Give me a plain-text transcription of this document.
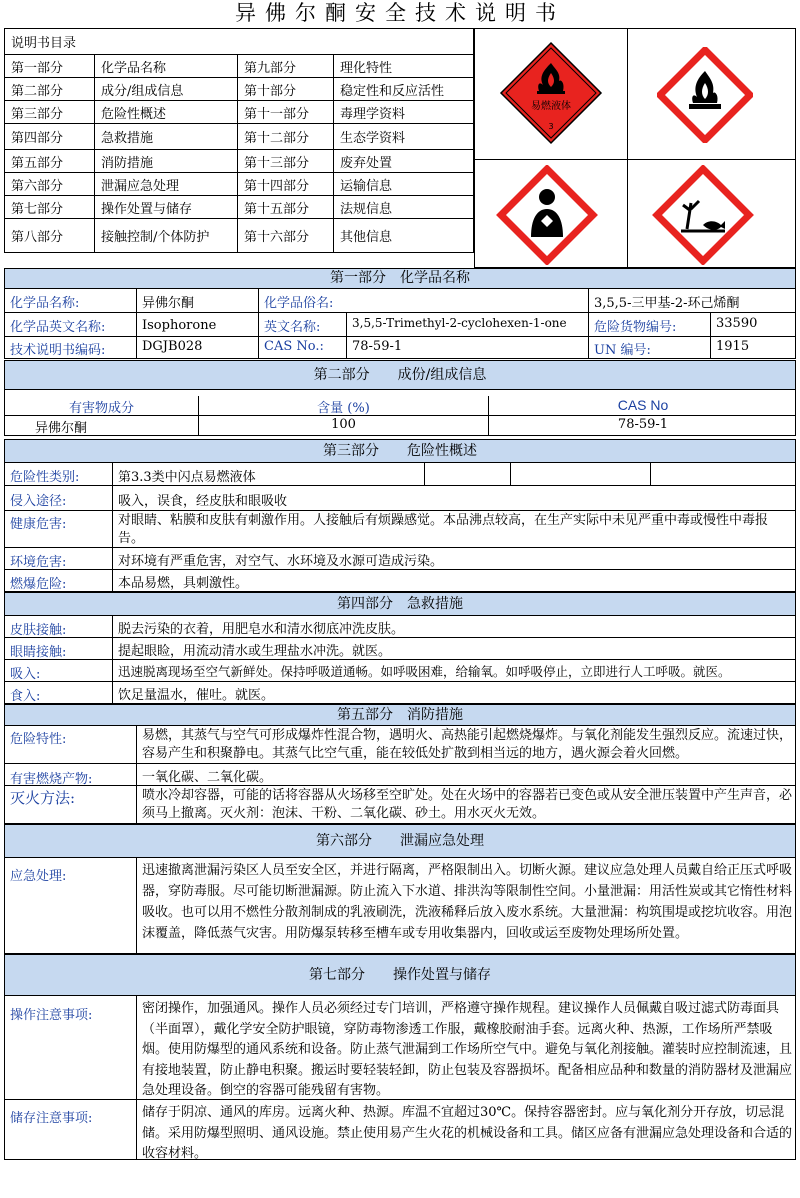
异佛尔酮安全技术说明书
说明书目录			
第一部分	化学品名称	第九部分	理化特性
第二部分	成分/组成信息	第十部分	稳定性和反应活性
第三部分	危险性概述	第十一部分	毒理学资料
第四部分	急救措施	第十二部分	生态学资料
第五部分	消防措施	第十三部分	废弃处置
第六部分	泄漏应急处理	第十四部分	运输信息
第七部分	操作处置与储存	第十五部分	法规信息
第八部分	接触控制/个体防护	第十六部分	其他信息
易燃液体
3
第一部分　化学品名称
化学品名称:	异佛尔酮	化学品俗名:	3,5,5-三甲基-2-环己烯酮
化学品英文名称:	Isophorone	英文名称:	3,5,5-Trimethyl-2-cyclohexen-1-one	危险货物编号:	33590
技术说明书编码:	DGJB028	CAS No.:	78-59-1	UN 编号:	1915
第二部分　　成份/组成信息
有害物成分	含量 (%)	CAS No
异佛尔酮	100	78-59-1
第三部分　　危险性概述
危险性类别:	第3.3类中闪点易燃液体
侵入途径:	吸入，误食，经皮肤和眼吸收
健康危害:	对眼睛、粘膜和皮肤有刺激作用。人接触后有烦躁感觉。本品沸点较高，在生产实际中未见严重中毒或慢性中毒报告。
环境危害:	对环境有严重危害，对空气、水环境及水源可造成污染。
燃爆危险:	本品易燃，具刺激性。
第四部分　急救措施
皮肤接触:	脱去污染的衣着，用肥皂水和清水彻底冲洗皮肤。
眼睛接触:	提起眼睑，用流动清水或生理盐水冲洗。就医。
吸入:	迅速脱离现场至空气新鲜处。保持呼吸道通畅。如呼吸困难，给输氧。如呼吸停止，立即进行人工呼吸。就医。
食入:	饮足量温水，催吐。就医。
第五部分　消防措施
危险特性:	易燃，其蒸气与空气可形成爆炸性混合物，遇明火、高热能引起燃烧爆炸。与氧化剂能发生强烈反应。流速过快，容易产生和积聚静电。其蒸气比空气重，能在较低处扩散到相当远的地方，遇火源会着火回燃。
有害燃烧产物:	一氧化碳、二氧化碳。
灭火方法:	喷水冷却容器，可能的话将容器从火场移至空旷处。处在火场中的容器若已变色或从安全泄压装置中产生声音，必须马上撤离。灭火剂：泡沫、干粉、二氧化碳、砂土。用水灭火无效。
第六部分　　泄漏应急处理
应急处理:	迅速撤离泄漏污染区人员至安全区，并进行隔离，严格限制出入。切断火源。建议应急处理人员戴自给正压式呼吸器，穿防毒服。尽可能切断泄漏源。防止流入下水道、排洪沟等限制性空间。小量泄漏：用活性炭或其它惰性材料吸收。也可以用不燃性分散剂制成的乳液刷洗，洗液稀释后放入废水系统。大量泄漏：构筑围堤或挖坑收容。用泡沫覆盖，降低蒸气灾害。用防爆泵转移至槽车或专用收集器内，回收或运至废物处理场所处置。
第七部分　　操作处置与储存
操作注意事项:	密闭操作，加强通风。操作人员必须经过专门培训，严格遵守操作规程。建议操作人员佩戴自吸过滤式防毒面具（半面罩），戴化学安全防护眼镜，穿防毒物渗透工作服，戴橡胶耐油手套。远离火种、热源，工作场所严禁吸烟。使用防爆型的通风系统和设备。防止蒸气泄漏到工作场所空气中。避免与氧化剂接触。灌装时应控制流速，且有接地装置，防止静电积聚。搬运时要轻装轻卸，防止包装及容器损坏。配备相应品种和数量的消防器材及泄漏应急处理设备。倒空的容器可能残留有害物。
储存注意事项:	储存于阴凉、通风的库房。远离火种、热源。库温不宜超过30℃。保持容器密封。应与氧化剂分开存放，切忌混储。采用防爆型照明、通风设施。禁止使用易产生火花的机械设备和工具。储区应备有泄漏应急处理设备和合适的收容材料。
